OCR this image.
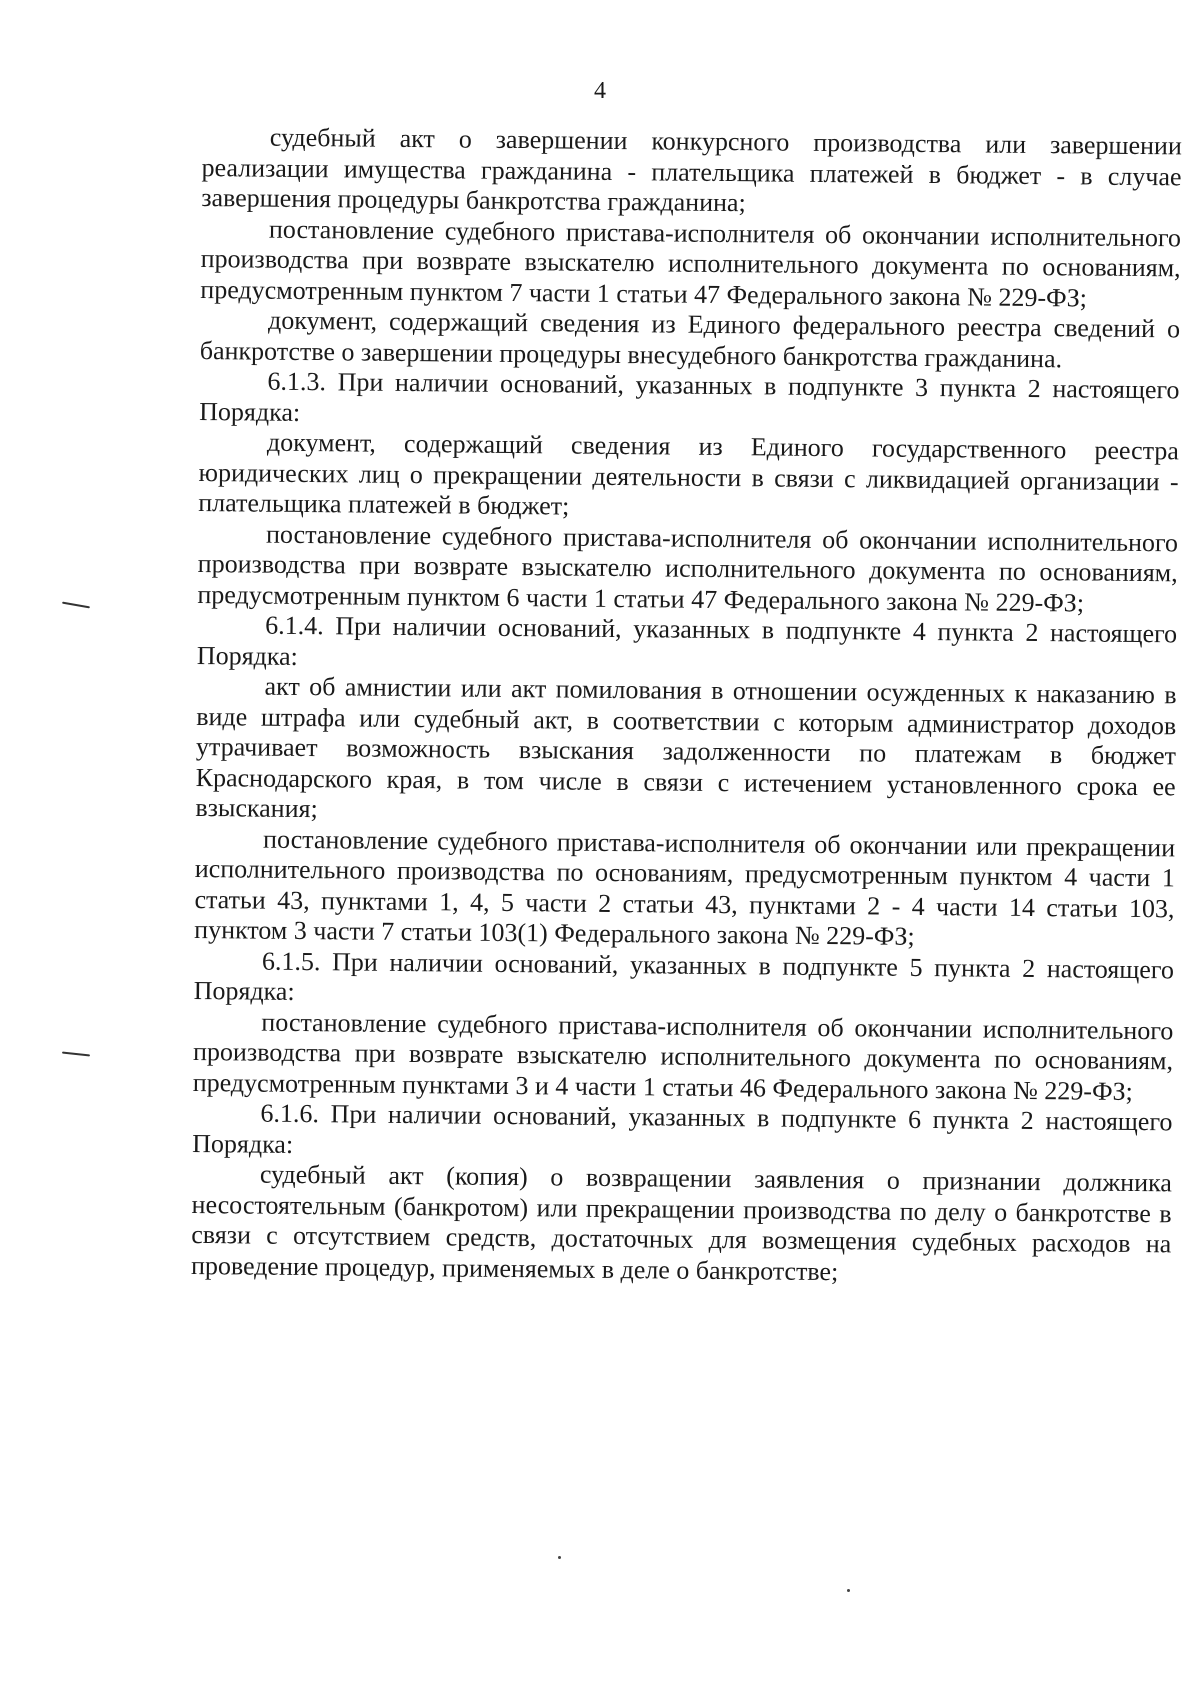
4

судебный акт о завершении конкурсного производства или завершении реализации имущества гражданина - плательщика платежей в бюджет - в случае завершения процедуры банкротства гражданина;

постановление судебного пристава-исполнителя об окончании исполнительного производства при возврате взыскателю исполнительного документа по основаниям, предусмотренным пунктом 7 части 1 статьи 47 Федерального закона № 229-ФЗ;

документ, содержащий сведения из Единого федерального реестра сведений о банкротстве о завершении процедуры внесудебного банкротства гражданина.

6.1.3. При наличии оснований, указанных в подпункте 3 пункта 2 настоящего Порядка:

документ, содержащий сведения из Единого государственного реестра юридических лиц о прекращении деятельности в связи с ликвидацией организации - плательщика платежей в бюджет;

постановление судебного пристава-исполнителя об окончании исполнительного производства при возврате взыскателю исполнительного документа по основаниям, предусмотренным пунктом 6 части 1 статьи 47 Федерального закона № 229-ФЗ;

6.1.4. При наличии оснований, указанных в подпункте 4 пункта 2 настоящего Порядка:

акт об амнистии или акт помилования в отношении осужденных к наказанию в виде штрафа или судебный акт, в соответствии с которым администратор доходов утрачивает возможность взыскания задолженности по платежам в бюджет Краснодарского края, в том числе в связи с истечением установленного срока ее взыскания;

постановление судебного пристава-исполнителя об окончании или прекращении исполнительного производства по основаниям, предусмотренным пунктом 4 части 1 статьи 43, пунктами 1, 4, 5 части 2 статьи 43, пунктами 2 - 4 части 14 статьи 103, пунктом 3 части 7 статьи 103(1) Федерального закона № 229-ФЗ;

6.1.5. При наличии оснований, указанных в подпункте 5 пункта 2 настоящего Порядка:

постановление судебного пристава-исполнителя об окончании исполнительного производства при возврате взыскателю исполнительного документа по основаниям, предусмотренным пунктами 3 и 4 части 1 статьи 46 Федерального закона № 229-ФЗ;

6.1.6. При наличии оснований, указанных в подпункте 6 пункта 2 настоящего Порядка:

судебный акт (копия) о возвращении заявления о признании должника несостоятельным (банкротом) или прекращении производства по делу о банкротстве в связи с отсутствием средств, достаточных для возмещения судебных расходов на проведение процедур, применяемых в деле о банкротстве;
